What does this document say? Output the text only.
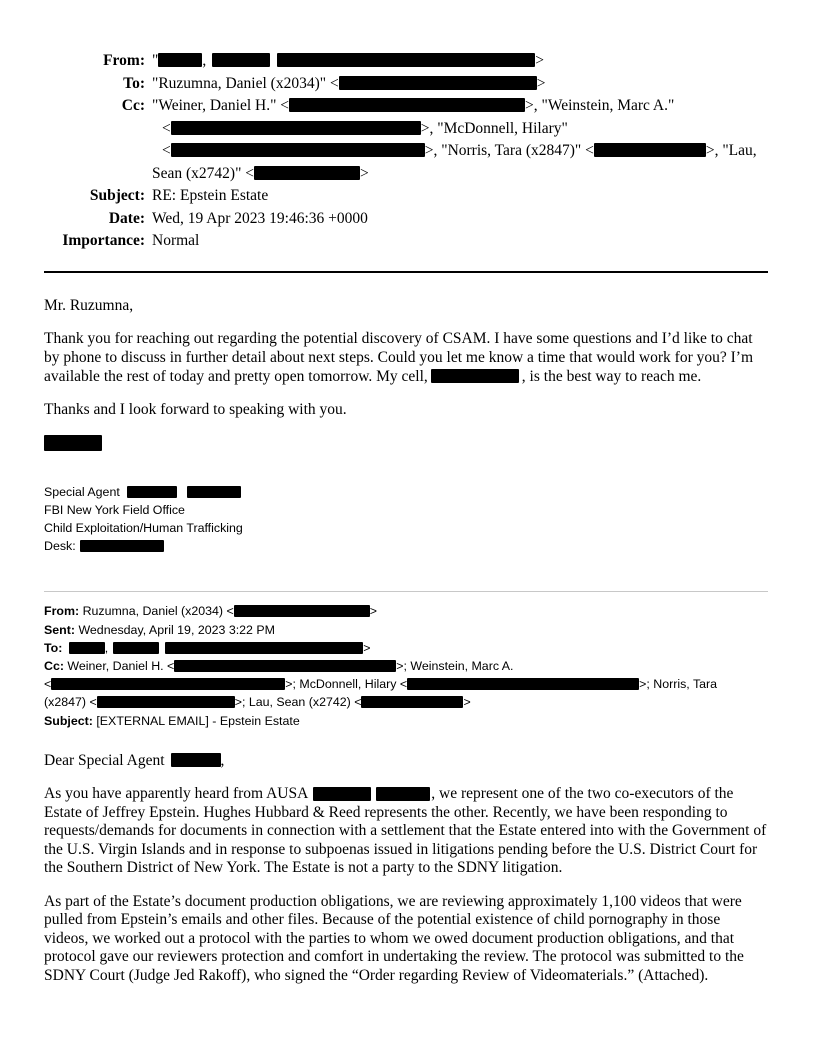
From: "	,	>
To: "Ruzumna, Daniel (x2034)" <	>
Cc: "Weiner, Daniel H." <	>, "Weinstein, Marc A."
<	>, "McDonnell, Hilary"
<	>, "Norris, Tara (x2847)" <	>, "Lau,
Sean (x2742)" <	>
Subject: RE: Epstein Estate
Date: Wed, 19 Apr 2023 19:46:36 +0000
Importance: Normal

Mr. Ruzumna,

Thank you for reaching out regarding the potential discovery of CSAM. I have some questions and I’d like to chat by phone to discuss in further detail about next steps. Could you let me know a time that would work for you? I’m available the rest of today and pretty open tomorrow. My cell,	, is the best way to reach me.

Thanks and I look forward to speaking with you.

Special Agent
FBI New York Field Office
Child Exploitation/Human Trafficking
Desk:
From: Ruzumna, Daniel (x2034) <	>
Sent: Wednesday, April 19, 2023 3:22 PM
To:	,	>
Cc: Weiner, Daniel H. <	>; Weinstein, Marc A.
<	>; McDonnell, Hilary <	>; Norris, Tara
(x2847) <	>; Lau, Sean (x2742) <	>
Subject: [EXTERNAL EMAIL] - Epstein Estate

Dear Special Agent	,

As you have apparently heard from AUSA	, we represent one of the two co-executors of the Estate of Jeffrey Epstein. Hughes Hubbard & Reed represents the other. Recently, we have been responding to requests/demands for documents in connection with a settlement that the Estate entered into with the Government of the U.S. Virgin Islands and in response to subpoenas issued in litigations pending before the U.S. District Court for the Southern District of New York. The Estate is not a party to the SDNY litigation.

As part of the Estate’s document production obligations, we are reviewing approximately 1,100 videos that were pulled from Epstein’s emails and other files. Because of the potential existence of child pornography in those videos, we worked out a protocol with the parties to whom we owed document production obligations, and that protocol gave our reviewers protection and comfort in undertaking the review. The protocol was submitted to the SDNY Court (Judge Jed Rakoff), who signed the “Order regarding Review of Videomaterials.” (Attached).
